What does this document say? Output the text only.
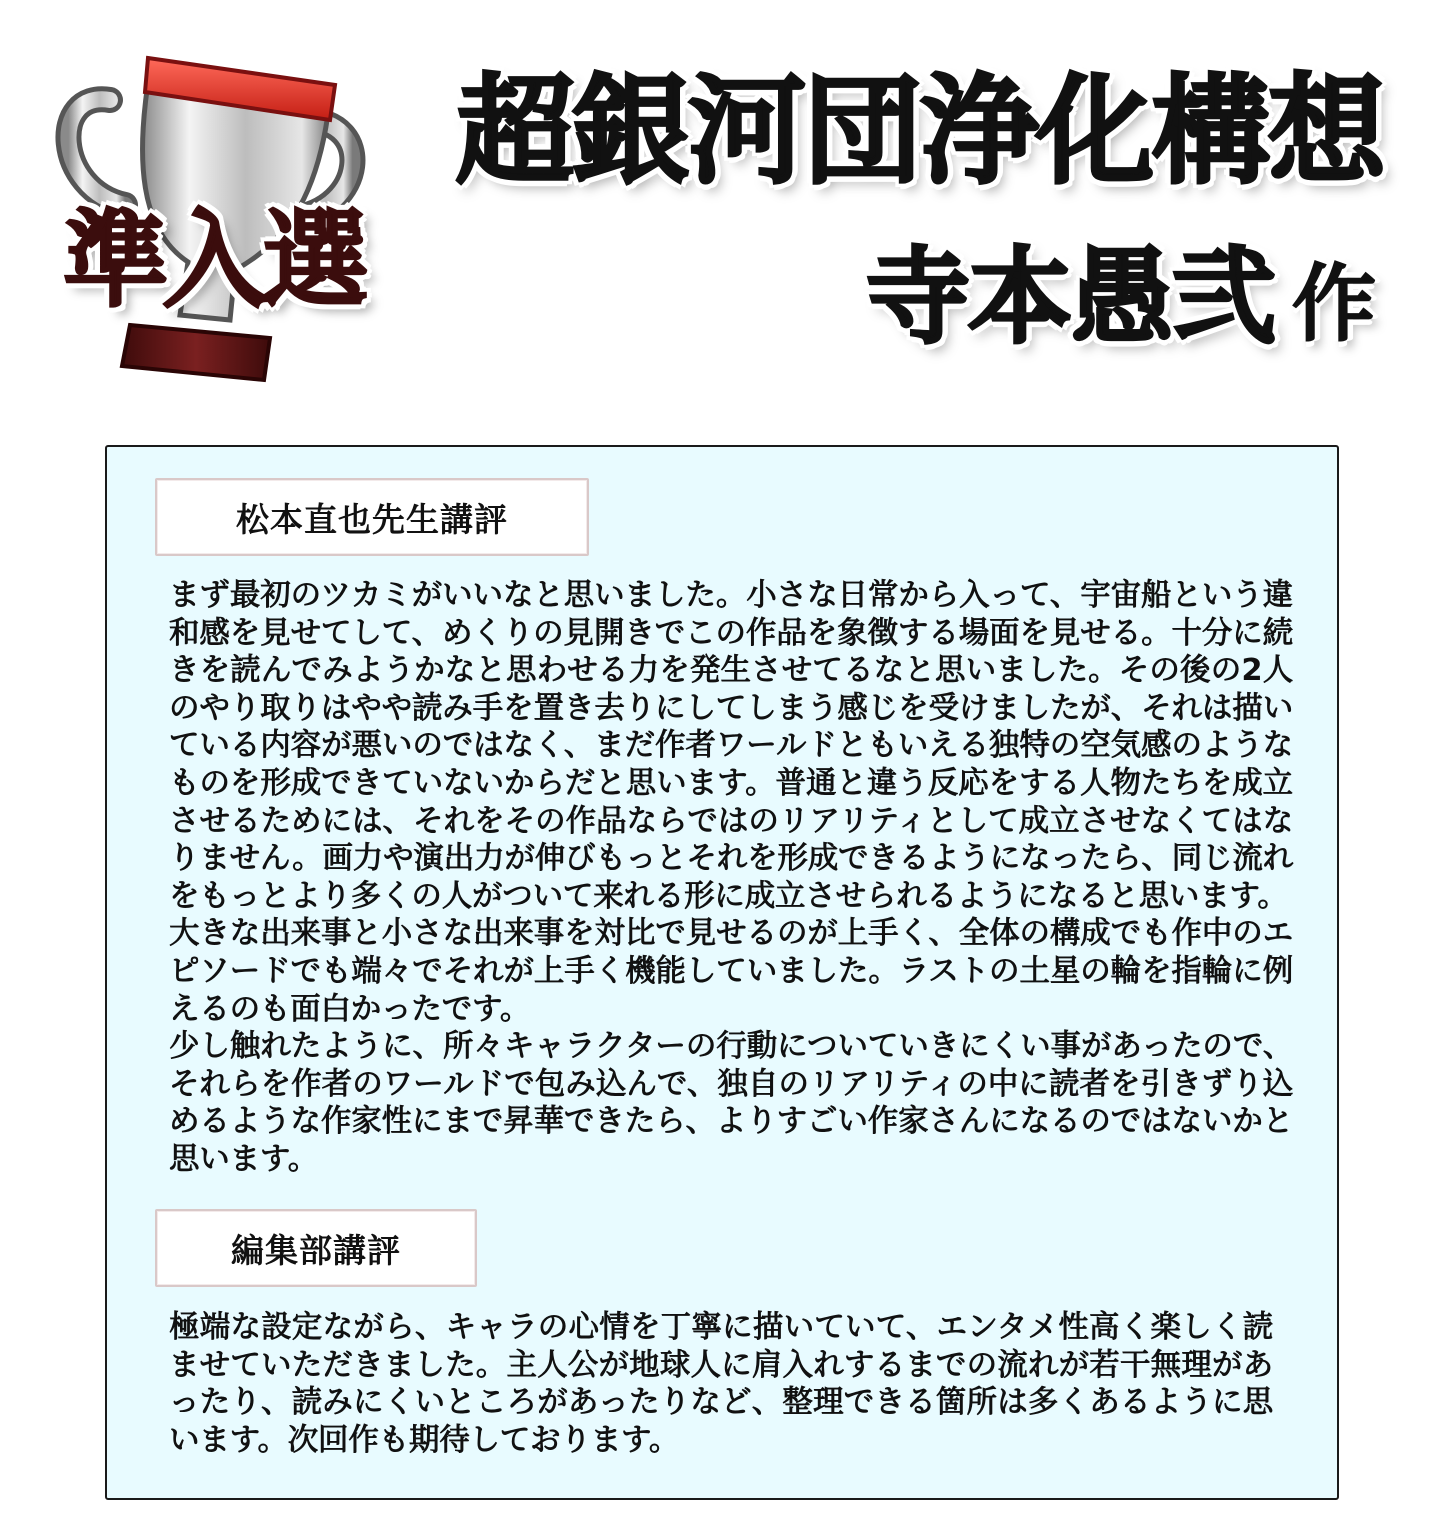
準入選
超銀河団浄化構想
寺本愚弐 作
松本直也先生講評

まず最初のツカミがいいなと思いました。小さな日常から入って、宇宙船という違和感を見せてして、めくりの見開きでこの作品を象徴する場面を見せる。十分に続きを読んでみようかなと思わせる力を発生させてるなと思いました。その後の2人のやり取りはやや読み手を置き去りにしてしまう感じを受けましたが、それは描いている内容が悪いのではなく、まだ作者ワールドともいえる独特の空気感のようなものを形成できていないからだと思います。普通と違う反応をする人物たちを成立させるためには、それをその作品ならではのリアリティとして成立させなくてはなりません。画力や演出力が伸びもっとそれを形成できるようになったら、同じ流れをもっとより多くの人がついて来れる形に成立させられるようになると思います。

大きな出来事と小さな出来事を対比で見せるのが上手く、全体の構成でも作中のエピソードでも端々でそれが上手く機能していました。ラストの土星の輪を指輪に例えるのも面白かったです。

少し触れたように、所々キャラクターの行動についていきにくい事があったので、それらを作者のワールドで包み込んで、独自のリアリティの中に読者を引きずり込めるような作家性にまで昇華できたら、よりすごい作家さんになるのではないかと思います。

編集部講評

極端な設定ながら、キャラの心情を丁寧に描いていて、エンタメ性高く楽しく読ませていただきました。主人公が地球人に肩入れするまでの流れが若干無理があったり、読みにくいところがあったりなど、整理できる箇所は多くあるように思います。次回作も期待しております。
